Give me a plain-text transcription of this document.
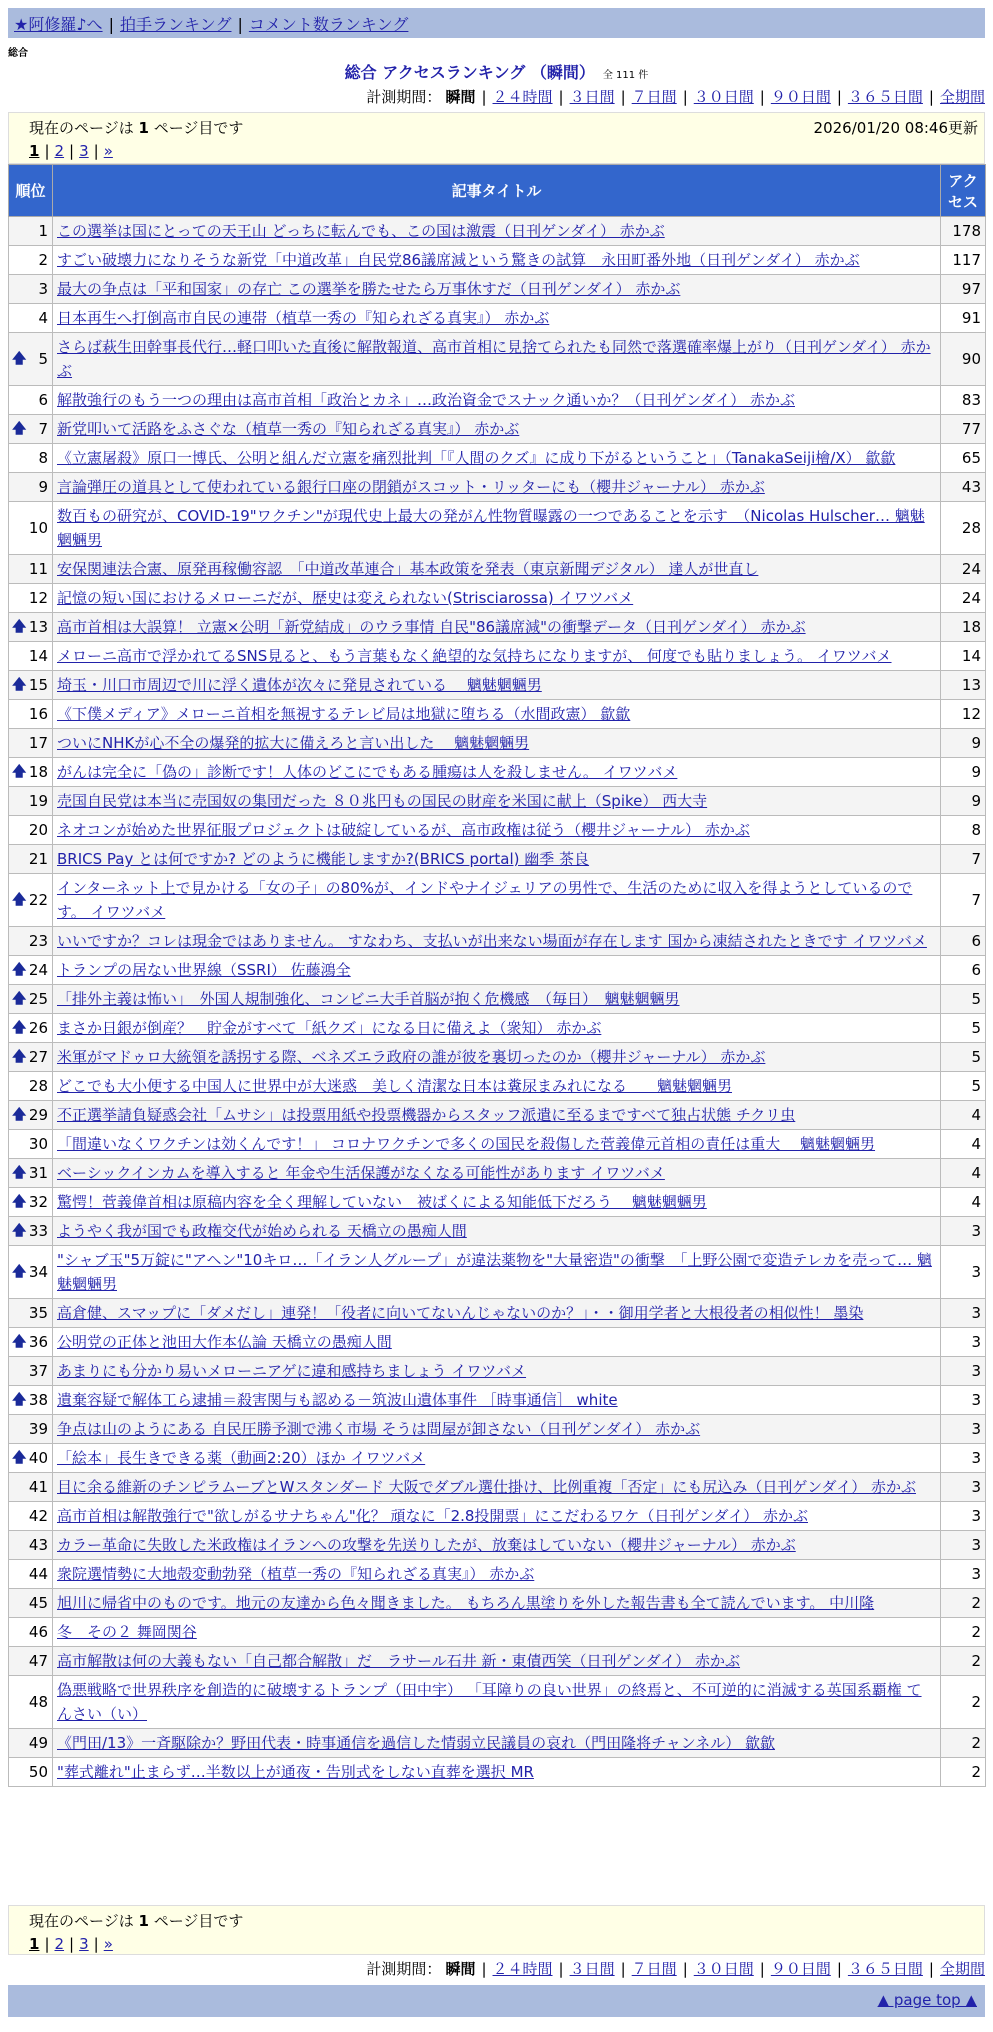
★阿修羅♪へ | 拍手ランキング | コメント数ランキング
総合
総合 アクセスランキング （瞬間） 全 111 件
計測期間： 瞬間 | ２４時間 | ３日間 | ７日間 | ３０日間 | ９０日間 | ３６５日間 | 全期間
現在のページは 1 ページ目です	2026/01/20 08:46更新
1 | 2 | 3 | »
順位	記事タイトル	アクセス
1	この選挙は国にとっての天王山 どっちに転んでも、この国は激震（日刊ゲンダイ） 赤かぶ	178
2	すごい破壊力になりそうな新党「中道改革」自民党86議席減という驚きの試算　永田町番外地（日刊ゲンダイ） 赤かぶ	117
3	最大の争点は「平和国家」の存亡 この選挙を勝たせたら万事休すだ（日刊ゲンダイ） 赤かぶ	97
4	日本再生へ打倒高市自民の連帯（植草一秀の『知られざる真実』） 赤かぶ	91

🡅 5	さらば萩生田幹事長代行…軽口叩いた直後に解散報道、高市首相に見捨てられたも同然で落選確率爆上がり（日刊ゲンダイ） 赤かぶ	90
6	解散強行のもう一つの理由は高市首相「政治とカネ」…政治資金でスナック通いか？（日刊ゲンダイ） 赤かぶ	83

🡅 7	新党叩いて活路をふさぐな（植草一秀の『知られざる真実』） 赤かぶ	77
8	《立憲屠殺》原口一博氏、公明と組んだ立憲を痛烈批判「『人間のクズ』に成り下がるということ」（TanakaSeiji檜/X） 歙歙	65
9	言論弾圧の道具として使われている銀行口座の閉鎖がスコット・リッターにも（櫻井ジャーナル） 赤かぶ	43
10	数百もの研究が、COVID-19"ワクチン"が現代史上最大の発がん性物質曝露の一つであることを示す　（Nicolas Hulscher… 魑魅魍魎男	28
11	安保関連法合憲、原発再稼働容認　「中道改革連合」基本政策を発表（東京新聞デジタル） 達人が世直し	24
12	記憶の短い国におけるメローニだが、歴史は変えられない(Strisciarossa) イワツバメ	24

🡅 13	高市首相は大誤算！ 立憲×公明「新党結成」のウラ事情 自民"86議席減"の衝撃データ（日刊ゲンダイ） 赤かぶ	18
14	メローニ高市で浮かれてるSNS見ると、もう言葉もなく絶望的な気持ちになりますが、 何度でも貼りましょう。 イワツバメ	14

🡅 15	埼玉・川口市周辺で川に浮く遺体が次々に発見されている　 魑魅魍魎男	13
16	《下僕メディア》メローニ首相を無視するテレビ局は地獄に堕ちる（水間政憲） 歙歙	12
17	ついにNHKが心不全の爆発的拡大に備えろと言い出した　 魑魅魍魎男	9

🡅 18	がんは完全に「偽の」診断です！人体のどこにでもある腫瘍は人を殺しません。 イワツバメ	9
19	売国自民党は本当に売国奴の集団だった ８０兆円もの国民の財産を米国に献上（Spike） 西大寺	9
20	ネオコンが始めた世界征服プロジェクトは破綻しているが、高市政権は従う（櫻井ジャーナル） 赤かぶ	8
21	BRICS Pay とは何ですか? どのように機能しますか?(BRICS portal) 幽季 茶良	7

🡅 22	インターネット上で見かける「女の子」の80%が、インドやナイジェリアの男性で、生活のために収入を得ようとしているのです。 イワツバメ	7
23	いいですか？コレは現金ではありません。 すなわち、支払いが出来ない場面が存在します 国から凍結されたときです イワツバメ	6

🡅 24	トランプの居ない世界線（SSRI） 佐藤鴻全	6

🡅 25	「排外主義は怖い」　外国人規制強化、コンビニ大手首脳が抱く危機感　（毎日）　魑魅魍魎男	5

🡅 26	まさか日銀が倒産？　貯金がすべて「紙クズ」になる日に備えよ（衆知） 赤かぶ	5

🡅 27	米軍がマドゥロ大統領を誘拐する際、ベネズエラ政府の誰が彼を裏切ったのか（櫻井ジャーナル） 赤かぶ	5
28	どこでも大小便する中国人に世界中が大迷惑　美しく清潔な日本は糞尿まみれになる　　魑魅魍魎男	5

🡅 29	不正選挙請負疑惑会社「ムサシ」は投票用紙や投票機器からスタッフ派遣に至るまですべて独占状態 チクリ虫	4
30	「間違いなくワクチンは効くんです！」 コロナワクチンで多くの国民を殺傷した菅義偉元首相の責任は重大　 魑魅魍魎男	4

🡅 31	ベーシックインカムを導入すると 年金や生活保護がなくなる可能性があります イワツバメ	4

🡅 32	驚愕！菅義偉首相は原稿内容を全く理解していない　被ばくによる知能低下だろう　 魑魅魍魎男	4

🡅 33	ようやく我が国でも政権交代が始められる 天橋立の愚痴人間	3

🡅 34	"シャブ玉"5万錠に"アヘン"10キロ…「イラン人グループ」が違法薬物を"大量密造"の衝撃　「上野公園で変造テレカを売って… 魑魅魍魎男	3
35	高倉健、スマップに「ダメだし」連発！「役者に向いてないんじゃないのか？」・・御用学者と大根役者の相似性！ 墨染	3

🡅 36	公明党の正体と池田大作本仏論 天橋立の愚痴人間	3
37	あまりにも分かり易いメローニアゲに違和感持ちましょう イワツバメ	3

🡅 38	遺棄容疑で解体工ら逮捕＝殺害関与も認める－筑波山遺体事件 ［時事通信］ white	3
39	争点は山のようにある 自民圧勝予測で沸く市場 そうは問屋が卸さない（日刊ゲンダイ） 赤かぶ	3

🡅 40	「絵本」長生きできる薬（動画2:20）ほか イワツバメ	3
41	目に余る維新のチンピラムーブとWスタンダード 大阪でダブル選仕掛け、比例重複「否定」にも尻込み（日刊ゲンダイ） 赤かぶ	3
42	高市首相は解散強行で"欲しがるサナちゃん"化？ 頑なに「2.8投開票」にこだわるワケ（日刊ゲンダイ） 赤かぶ	3
43	カラー革命に失敗した米政権はイランへの攻撃を先送りしたが、放棄はしていない（櫻井ジャーナル） 赤かぶ	3
44	衆院選情勢に大地殻変動勃発（植草一秀の『知られざる真実』） 赤かぶ	3
45	旭川に帰省中のものです。地元の友達から色々聞きました。 もちろん黒塗りを外した報告書も全て読んでいます。 中川隆	2
46	冬　その２ 舞岡関谷	2
47	高市解散は何の大義もない「自己都合解散」だ　ラサール石井 新・東債西笑（日刊ゲンダイ） 赤かぶ	2
48	偽悪戦略で世界秩序を創造的に破壊するトランプ（田中宇） 「耳障りの良い世界」の終焉と、不可逆的に消滅する英国系覇権 てんさい（い）	2
49	《門田/13》一斉駆除か？野田代表・時事通信を過信した情弱立民議員の哀れ（門田隆将チャンネル） 歙歙	2
50	"葬式離れ"止まらず…半数以上が通夜・告別式をしない直葬を選択 MR	2
現在のページは 1 ページ目です
1 | 2 | 3 | »
計測期間： 瞬間 | ２４時間 | ３日間 | ７日間 | ３０日間 | ９０日間 | ３６５日間 | 全期間
▲ page top ▲
